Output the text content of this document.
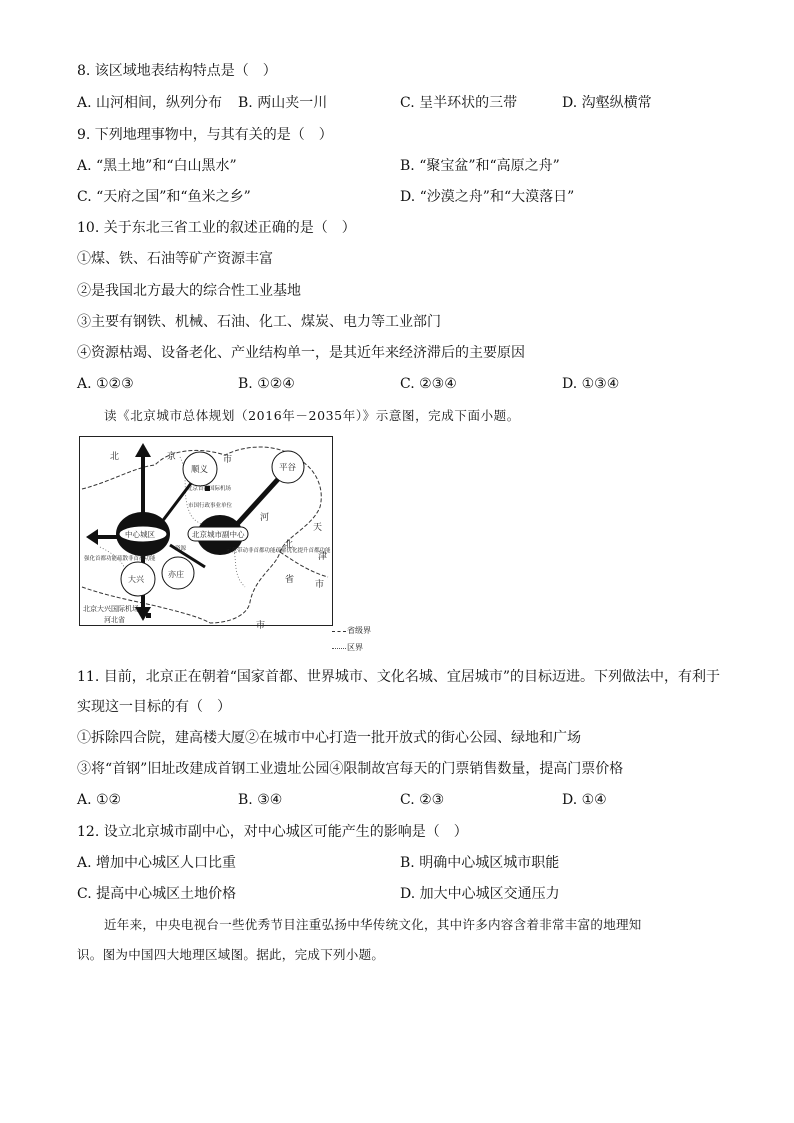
8. 该区域地表结构特点是（　）
A. 山河相间，纵列分布 B. 两山夹一川	C. 呈半环状的三带	D. 沟壑纵横常
9. 下列地理事物中，与其有关的是（　）
A. “黑土地”和“白山黑水”	B. “聚宝盆”和“高原之舟”
C. “天府之国”和“鱼米之乡”	D. “沙漠之舟”和“大漠落日”
10. 关于东北三省工业的叙述正确的是（　）
①煤、铁、石油等矿产资源丰富
②是我国北方最大的综合性工业基地
③主要有钢铁、机械、石油、化工、煤炭、电力等工业部门
④资源枯竭、设备老化、产业结构单一，是其近年来经济滞后的主要原因
A. ①②③	B. ①②④	C. ②③④	D. ①③④
读《北京城市总体规划（2016年－2035年）》示意图，完成下面小题。
北	京	市
顺义	平谷
河
北
省
天
津
市
市
北京首都国际机场
市国行政事业单位
中心城区	北京城市副中心
资源
强化首都功能疏散非首都功能
示范带动非首都功能疏解优化提升首都功能
大兴
亦庄
北京大兴国际机场
河北省
省级界
区界
11. 目前，北京正在朝着“国家首都、世界城市、文化名城、宜居城市”的目标迈进。下列做法中，有利于
实现这一目标的有（　）
①拆除四合院，建高楼大厦②在城市中心打造一批开放式的街心公园、绿地和广场
③将“首钢”旧址改建成首钢工业遗址公园④限制故宫每天的门票销售数量，提高门票价格
A. ①②	B. ③④	C. ②③	D. ①④
12. 设立北京城市副中心，对中心城区可能产生的影响是（　）
A. 增加中心城区人口比重	B. 明确中心城区城市职能
C. 提高中心城区土地价格	D. 加大中心城区交通压力
近年来，中央电视台一些优秀节目注重弘扬中华传统文化，其中许多内容含着非常丰富的地理知
识。图为中国四大地理区域图。据此，完成下列小题。
